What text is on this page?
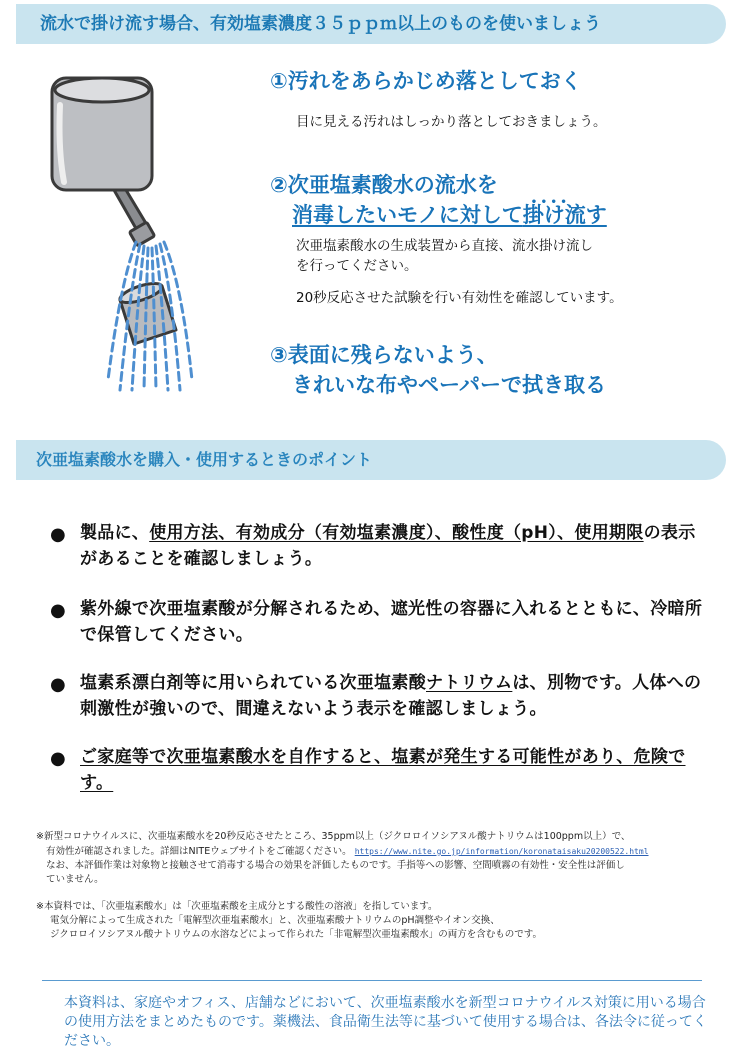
流水で掛け流す場合、有効塩素濃度３５ｐｐｍ以上のものを使いましょう
①汚れをあらかじめ落としておく

目に見える汚れはしっかり落としておきましょう。

②次亜塩素酸水の流水を
消毒したいモノに対して• • 掛け流す

次亜塩素酸水の生成装置から直接、流水掛け流し

を行ってください。

20秒反応させた試験を行い有効性を確認しています。

③表面に残らないよう、
きれいな布やペーパーで拭き取る
次亜塩素酸水を購入・使用するときのポイント
● 製品に、使用方法、有効成分（有効塩素濃度）、酸性度（pH）、使用期限の表示があることを確認しましょう。
● 紫外線で次亜塩素酸が分解されるため、遮光性の容器に入れるとともに、冷暗所で保管してください。
● 塩素系漂白剤等に用いられている次亜塩素酸ナトリウムは、別物です。人体への刺激性が強いので、間違えないよう表示を確認しましょう。
● ご家庭等で次亜塩素酸水を自作すると、塩素が発生する可能性があり、危険です。
※新型コロナウイルスに、次亜塩素酸水を20秒反応させたところ、35ppm以上（ジクロロイソシアヌル酸ナトリウムは100ppm以上）で、
有効性が確認されました。詳細はNITEウェブサイトをご確認ください。 https://www.nite.go.jp/information/koronataisaku20200522.html
なお、本評価作業は対象物と接触させて消毒する場合の効果を評価したものです。手指等への影響、空間噴霧の有効性・安全性は評価し
ていません。
※本資料では、「次亜塩素酸水」は「次亜塩素酸を主成分とする酸性の溶液」を指しています。
電気分解によって生成された「電解型次亜塩素酸水」と、次亜塩素酸ナトリウムのpH調整やイオン交換、
ジクロロイソシアヌル酸ナトリウムの水溶などによって作られた「非電解型次亜塩素酸水」の両方を含むものです。

本資料は、家庭やオフィス、店舗などにおいて、次亜塩素酸水を新型コロナウイルス対策に用いる場合の使用方法をまとめたものです。薬機法、食品衛生法等に基づいて使用する場合は、各法令に従ってください。
